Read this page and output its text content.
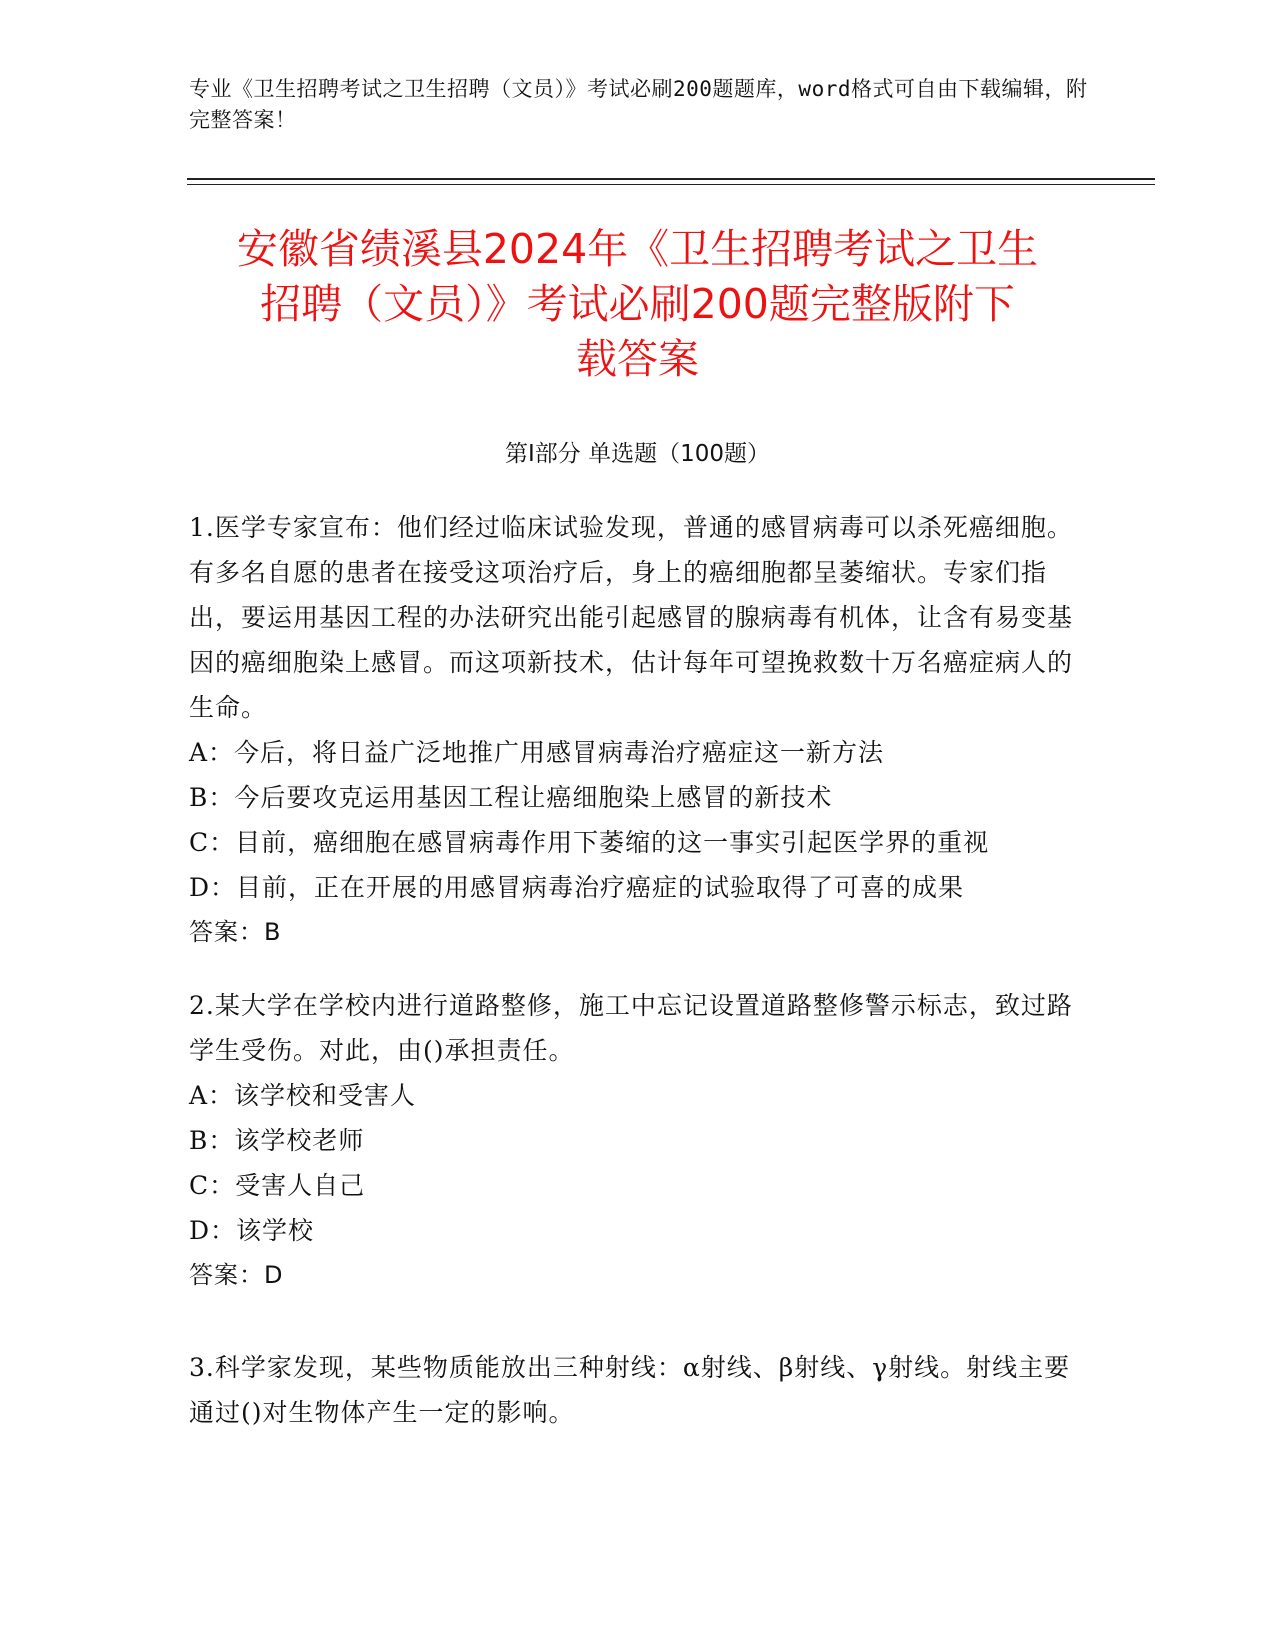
专业《卫生招聘考试之卫生招聘（文员）》考试必刷200题题库，word格式可自由下载编辑，附完整答案！
安徽省绩溪县2024年《卫生招聘考试之卫生
招聘（文员）》考试必刷200题完整版附下
载答案
第Ⅰ部分 单选题（100题）

1.医学专家宣布：他们经过临床试验发现，普通的感冒病毒可以杀死癌细胞。有多名自愿的患者在接受这项治疗后，身上的癌细胞都呈萎缩状。专家们指出，要运用基因工程的办法研究出能引起感冒的腺病毒有机体，让含有易变基因的癌细胞染上感冒。而这项新技术，估计每年可望挽救数十万名癌症病人的生命。

A：今后，将日益广泛地推广用感冒病毒治疗癌症这一新方法

B：今后要攻克运用基因工程让癌细胞染上感冒的新技术

C：目前，癌细胞在感冒病毒作用下萎缩的这一事实引起医学界的重视

D：目前，正在开展的用感冒病毒治疗癌症的试验取得了可喜的成果

答案：B

2.某大学在学校内进行道路整修，施工中忘记设置道路整修警示标志，致过路学生受伤。对此，由()承担责任。

A：该学校和受害人

B：该学校老师

C：受害人自己

D：该学校

答案：D

3.科学家发现，某些物质能放出三种射线：α射线、β射线、γ射线。射线主要通过()对生物体产生一定的影响。
